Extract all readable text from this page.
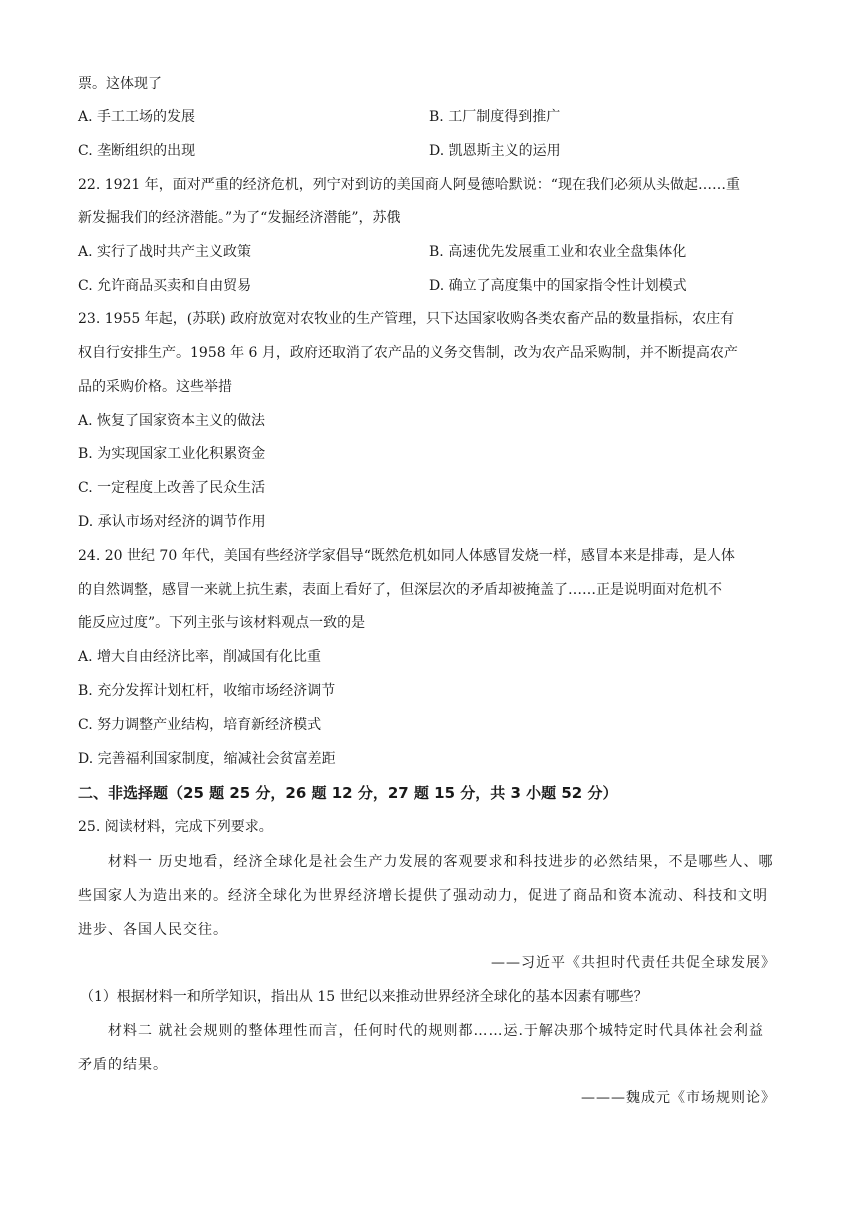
票。这体现了
A. 手工工场的发展	B. 工厂制度得到推广
C. 垄断组织的出现	D. 凯恩斯主义的运用
22. 1921 年，面对严重的经济危机，列宁对到访的美国商人阿曼德哈默说：“现在我们必须从头做起……重
新发掘我们的经济潜能。”为了“发掘经济潜能”，苏俄
A. 实行了战时共产主义政策	B. 高速优先发展重工业和农业全盘集体化
C. 允许商品买卖和自由贸易	D. 确立了高度集中的国家指令性计划模式
23. 1955 年起，(苏联) 政府放宽对农牧业的生产管理，只下达国家收购各类农畜产品的数量指标，农庄有
权自行安排生产。1958 年 6 月，政府还取消了农产品的义务交售制，改为农产品采购制，并不断提高农产
品的采购价格。这些举措
A. 恢复了国家资本主义的做法
B. 为实现国家工业化积累资金
C. 一定程度上改善了民众生活
D. 承认市场对经济的调节作用
24. 20 世纪 70 年代，美国有些经济学家倡导“既然危机如同人体感冒发烧一样，感冒本来是排毒，是人体
的自然调整，感冒一来就上抗生素，表面上看好了，但深层次的矛盾却被掩盖了……正是说明面对危机不
能反应过度”。下列主张与该材料观点一致的是
A. 增大自由经济比率，削减国有化比重
B. 充分发挥计划杠杆，收缩市场经济调节
C. 努力调整产业结构，培育新经济模式
D. 完善福利国家制度，缩减社会贫富差距
二、非选择题（25 题 25 分，26 题 12 分，27 题 15 分，共 3 小题 52 分）
25. 阅读材料，完成下列要求。
材料一 历史地看，经济全球化是社会生产力发展的客观要求和科技进步的必然结果，不是哪些人、哪
些国家人为造出来的。经济全球化为世界经济增长提供了强动动力，促进了商品和资本流动、科技和文明
进步、各国人民交往。
——习近平《共担时代责任共促全球发展》
（1）根据材料一和所学知识，指出从 15 世纪以来推动世界经济全球化的基本因素有哪些？
材料二 就社会规则的整体理性而言，任何时代的规则都……运.于解决那个城特定时代具体社会利益
矛盾的结果。
———魏成元《市场规则论》
